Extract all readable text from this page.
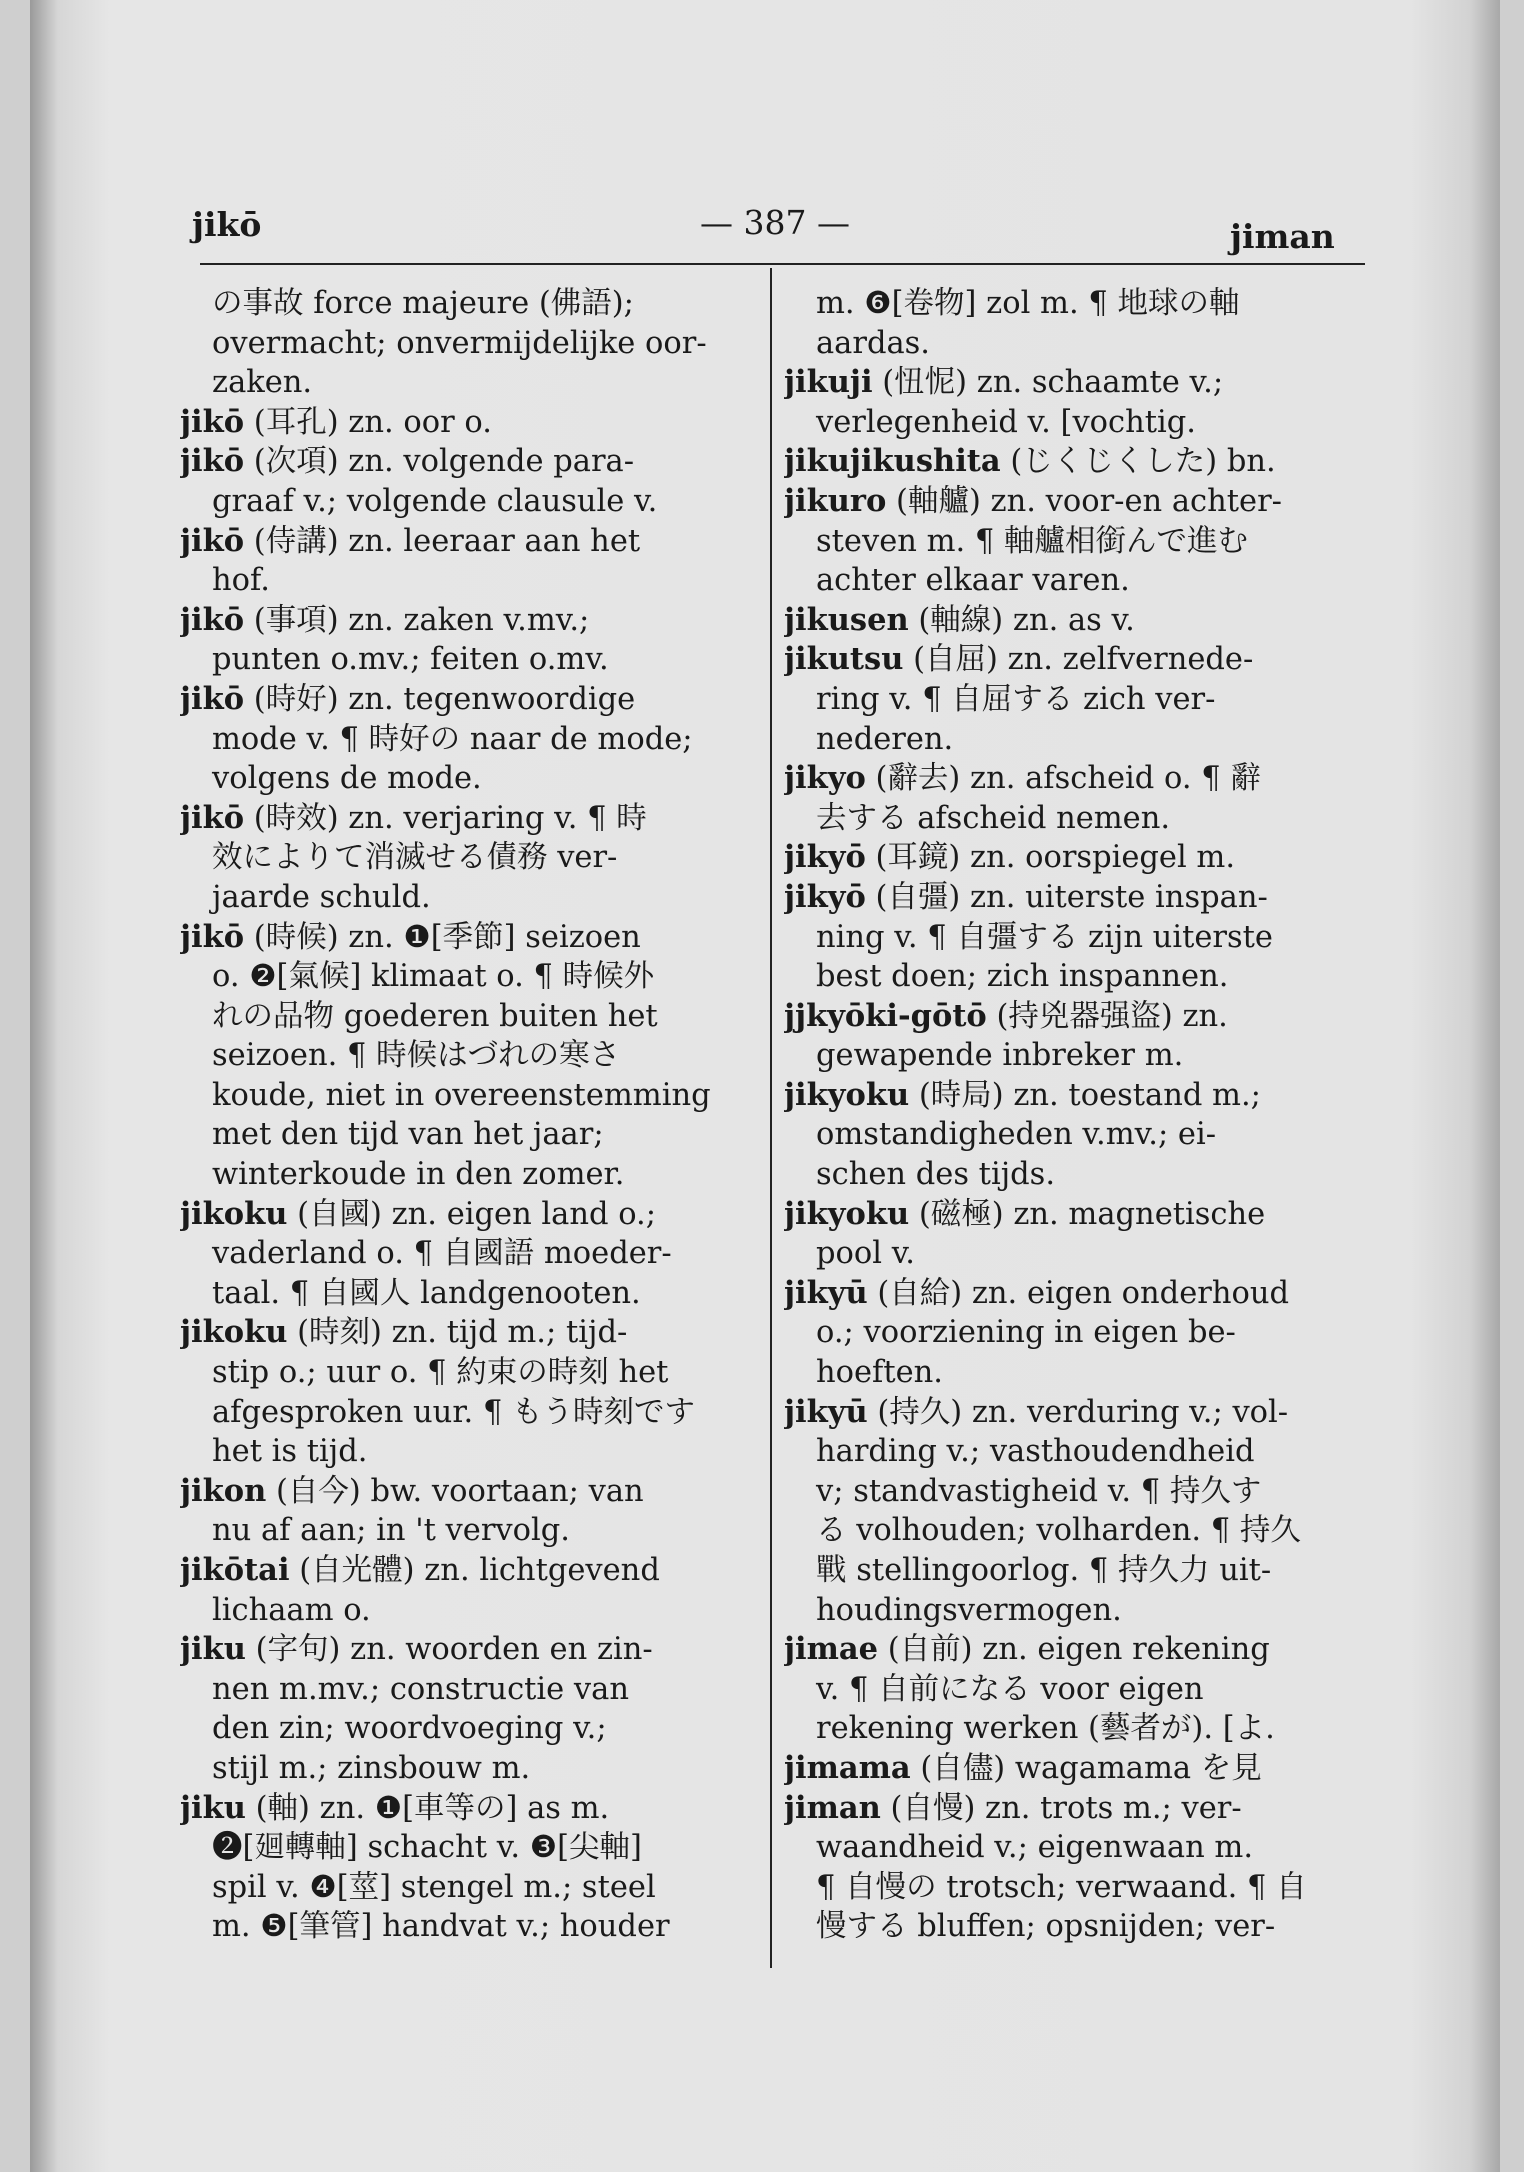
jikō	— 387 —	jiman
の事故 force majeure (佛語);
overmacht; onvermijdelijke oor-
zaken.
jikō (耳孔) zn. oor o.
jikō (次項) zn. volgende para-
graaf v.; volgende clausule v.
jikō (侍講) zn. leeraar aan het
hof.
jikō (事項) zn. zaken v.mv.;
punten o.mv.; feiten o.mv.
jikō (時好) zn. tegenwoordige
mode v. ¶ 時好の naar de mode;
volgens de mode.
jikō (時效) zn. verjaring v. ¶ 時
效によりて消滅せる債務 ver-
jaarde schuld.
jikō (時候) zn. ❶[季節] seizoen
o. ❷[氣候] klimaat o. ¶ 時候外
れの品物 goederen buiten het
seizoen. ¶ 時候はづれの寒さ
koude, niet in overeenstemming
met den tijd van het jaar;
winterkoude in den zomer.
jikoku (自國) zn. eigen land o.;
vaderland o. ¶ 自國語 moeder-
taal. ¶ 自國人 landgenooten.
jikoku (時刻) zn. tijd m.; tijd-
stip o.; uur o. ¶ 約束の時刻 het
afgesproken uur. ¶ もう時刻です
het is tijd.
jikon (自今) bw. voortaan; van
nu af aan; in 't vervolg.
jikōtai (自光體) zn. lichtgevend
lichaam o.
jiku (字句) zn. woorden en zin-
nen m.mv.; constructie van
den zin; woordvoeging v.;
stijl m.; zinsbouw m.
jiku (軸) zn. ❶[車等の] as m.
❷[廻轉軸] schacht v. ❸[尖軸]
spil v. ❹[莖] stengel m.; steel
m. ❺[筆管] handvat v.; houder
m. ❻[卷物] zol m. ¶ 地球の軸
aardas.
jikuji (忸怩) zn. schaamte v.;
verlegenheid v. [vochtig.
jikujikushita (じくじくした) bn.
jikuro (軸艫) zn. voor-en achter-
steven m. ¶ 軸艫相銜んで進む
achter elkaar varen.
jikusen (軸線) zn. as v.
jikutsu (自屈) zn. zelfvernede-
ring v. ¶ 自屈する zich ver-
nederen.
jikyo (辭去) zn. afscheid o. ¶ 辭
去する afscheid nemen.
jikyō (耳鏡) zn. oorspiegel m.
jikyō (自彊) zn. uiterste inspan-
ning v. ¶ 自彊する zijn uiterste
best doen; zich inspannen.
jjkyōki-gōtō (持兇器强盜) zn.
gewapende inbreker m.
jikyoku (時局) zn. toestand m.;
omstandigheden v.mv.; ei-
schen des tijds.
jikyoku (磁極) zn. magnetische
pool v.
jikyū (自給) zn. eigen onderhoud
o.; voorziening in eigen be-
hoeften.
jikyū (持久) zn. verduring v.; vol-
harding v.; vasthoudendheid
v; standvastigheid v. ¶ 持久す
る volhouden; volharden. ¶ 持久
戰 stellingoorlog. ¶ 持久力 uit-
houdingsvermogen.
jimae (自前) zn. eigen rekening
v. ¶ 自前になる voor eigen
rekening werken (藝者が). [よ.
jimama (自儘) wagamama を見
jiman (自慢) zn. trots m.; ver-
waandheid v.; eigenwaan m.
¶ 自慢の trotsch; verwaand. ¶ 自
慢する bluffen; opsnijden; ver-
